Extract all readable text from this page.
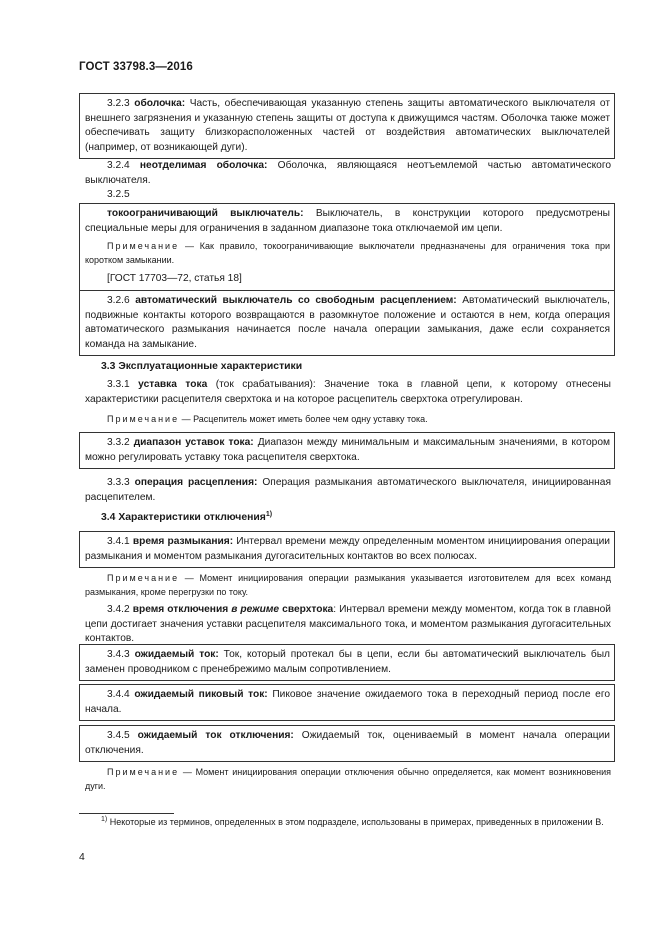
ГОСТ 33798.3—2016

3.2.3 оболочка: Часть, обеспечивающая указанную степень защиты автоматического выключателя от внешнего загрязнения и указанную степень защиты от доступа к движущимся частям. Оболочка также может обеспечивать защиту близкорасположенных частей от воздействия автоматических выключателей (например, от возникающей дуги).

3.2.4 неотделимая оболочка: Оболочка, являющаяся неотъемлемой частью автоматического выключателя.

3.2.5

токоограничивающий выключатель: Выключатель, в конструкции которого предусмотрены специальные меры для ограничения в заданном диапазоне тока отключаемой им цепи.

Примечание — Как правило, токоограничивающие выключатели предназначены для ограничения тока при коротком замыкании.

[ГОСТ 17703—72, статья 18]

3.2.6 автоматический выключатель со свободным расцеплением: Автоматический выключатель, подвижные контакты которого возвращаются в разомкнутое положение и остаются в нем, когда операция автоматического размыкания начинается после начала операции замыкания, даже если сохраняется команда на замыкание.

3.3 Эксплуатационные характеристики

3.3.1 уставка тока (ток срабатывания): Значение тока в главной цепи, к которому отнесены характеристики расцепителя сверхтока и на которое расцепитель сверхтока отрегулирован.

Примечание — Расцепитель может иметь более чем одну уставку тока.

3.3.2 диапазон уставок тока: Диапазон между минимальным и максимальным значениями, в котором можно регулировать уставку тока расцепителя сверхтока.

3.3.3 операция расцепления: Операция размыкания автоматического выключателя, инициированная расцепителем.

3.4 Характеристики отключения$^{1)}$

3.4.1 время размыкания: Интервал времени между определенным моментом инициирования операции размыкания и моментом размыкания дугогасительных контактов во всех полюсах.

Примечание — Момент инициирования операции размыкания указывается изготовителем для всех команд размыкания, кроме перегрузки по току.

3.4.2 время отключения в режиме сверхтока: Интервал времени между моментом, когда ток в главной цепи достигает значения уставки расцепителя максимального тока, и моментом размыкания дугогасительных контактов.

3.4.3 ожидаемый ток: Ток, который протекал бы в цепи, если бы автоматический выключатель был заменен проводником с пренебрежимо малым сопротивлением.

3.4.4 ожидаемый пиковый ток: Пиковое значение ожидаемого тока в переходный период после его начала.

3.4.5 ожидаемый ток отключения: Ожидаемый ток, оцениваемый в момент начала операции отключения.

Примечание — Момент инициирования операции отключения обычно определяется, как момент возникновения дуги.

$^{1)}$ Некоторые из терминов, определенных в этом подразделе, использованы в примерах, приведенных в приложении В.
4
